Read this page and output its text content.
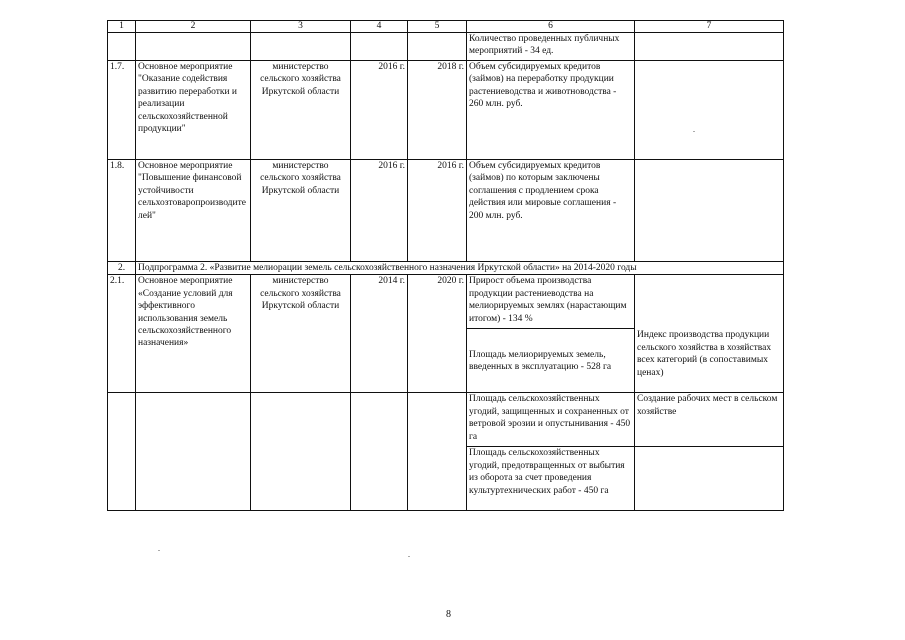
1	2	3	4	5	6	7
					Количество проведенных публичных мероприятий - 34 ед.	
1.7.	Основное мероприятие "Оказание содействия развитию переработки и реализации сельскохозяйственной продукции"	министерство сельского хозяйства Иркутской области	2016 г.	2018 г.	Объем субсидируемых кредитов (займов) на переработку продукции растениеводства и животноводства - 260 млн. руб.	
1.8.	Основное мероприятие "Повышение финансовой устойчивости сельхозтоваропроизводителей"	министерство сельского хозяйства Иркутской области	2016 г.	2016 г.	Объем субсидируемых кредитов (займов) по которым заключены соглашения с продлением срока действия или мировые соглашения - 200 млн. руб.	
2.	Подпрограмма 2. «Развитие мелиорации земель сельскохозяйственного назначения Иркутской области» на 2014-2020 годы					
2.1.	Основное мероприятие «Создание условий для эффективного использования земель сельскохозяйственного назначения»	министерство сельского хозяйства Иркутской области	2014 г.	2020 г.	Прирост объема производства продукции растениеводства на мелиорируемых землях (нарастающим итогом) - 134 %	Индекс производства продукции сельского хозяйства в хозяйствах всех категорий (в сопоставимых ценах)
					Площадь мелиорируемых земель, введенных в эксплуатацию - 528 га	
					Площадь сельскохозяйственных угодий, защищенных и сохраненных от ветровой эрозии и опустынивания - 450 га	Создание рабочих мест в сельском хозяйстве
					Площадь сельскохозяйственных угодий, предотвращенных от выбытия из оборота за счет проведения культуртехнических работ - 450 га	
8
